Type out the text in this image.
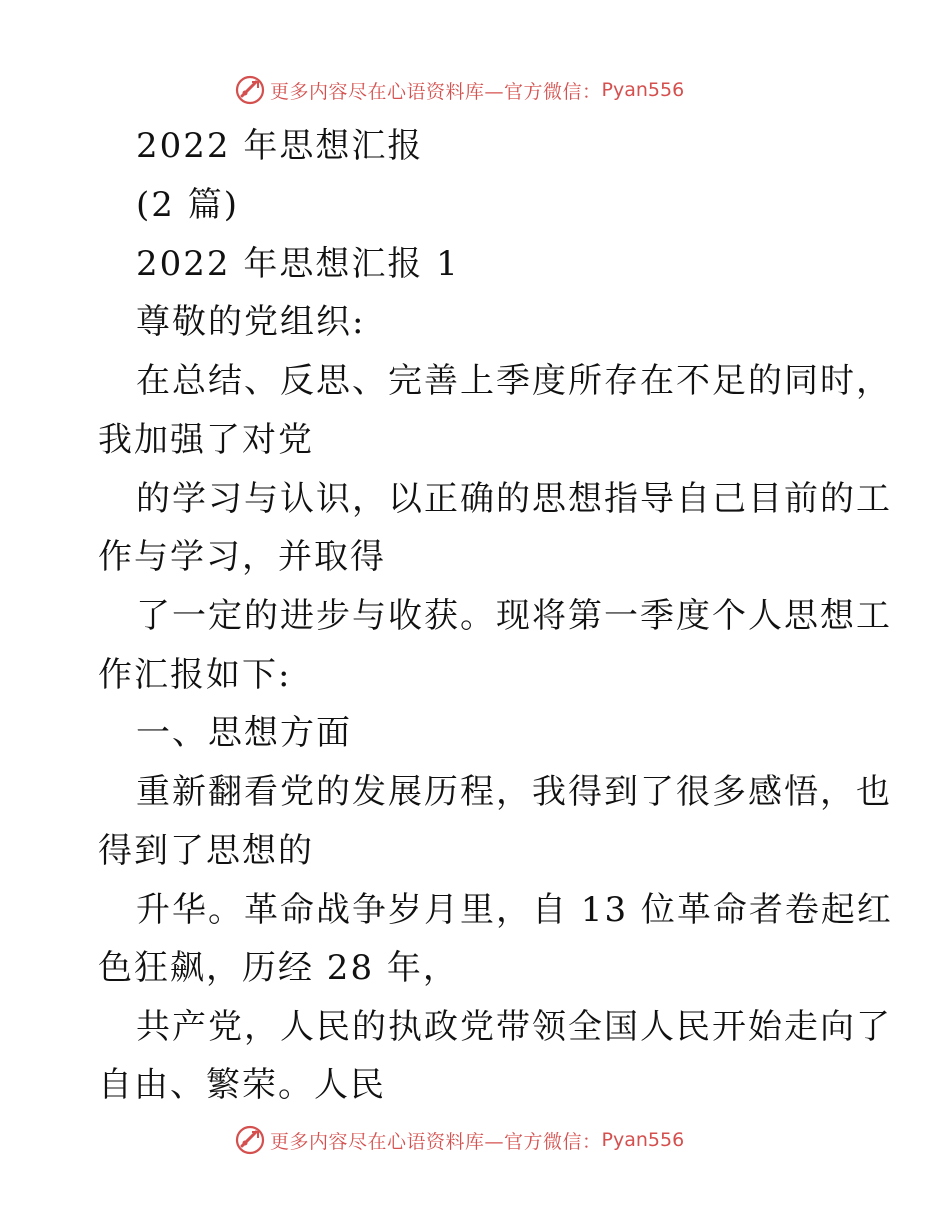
更多内容尽在心语资料库—官方微信： Pyan556
2022 年思想汇报
(2 篇)
2022 年思想汇报 1
尊敬的党组织:
在总结、反思、完善上季度所存在不足的同时，
我加强了对党
的学习与认识，以正确的思想指导自己目前的工
作与学习，并取得
了一定的进步与收获。现将第一季度个人思想工
作汇报如下:
一、思想方面
重新翻看党的发展历程，我得到了很多感悟，也
得到了思想的
升华。革命战争岁月里，自 13 位革命者卷起红
色狂飙，历经 28 年，
共产党，人民的执政党带领全国人民开始走向了
自由、繁荣。人民
更多内容尽在心语资料库—官方微信： Pyan556
